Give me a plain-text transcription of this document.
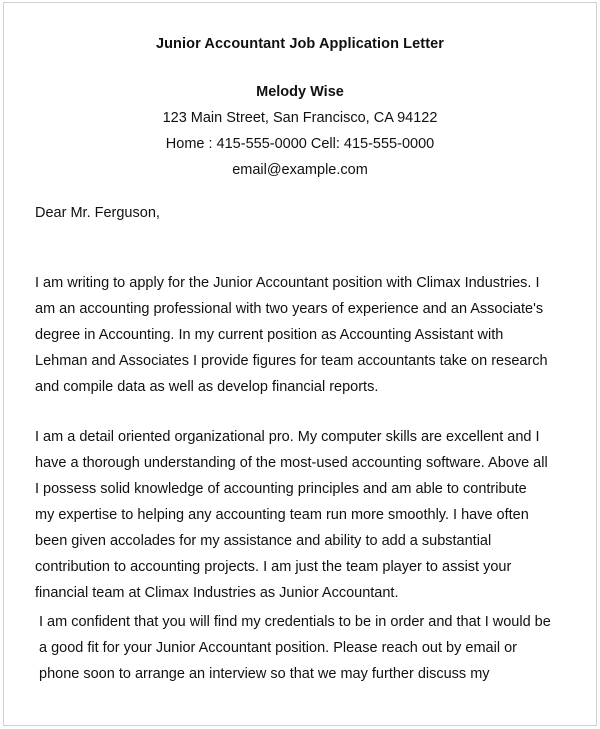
Junior Accountant Job Application Letter
Melody Wise
123 Main Street, San Francisco, CA 94122
Home : 415-555-0000 Cell: 415-555-0000
email@example.com
Dear Mr. Ferguson,

I am writing to apply for the Junior Accountant position with Climax Industries. I
am an accounting professional with two years of experience and an Associate's
degree in Accounting. In my current position as Accounting Assistant with
Lehman and Associates I provide figures for team accountants take on research
and compile data as well as develop financial reports.

I am a detail oriented organizational pro. My computer skills are excellent and I
have a thorough understanding of the most-used accounting software. Above all
I possess solid knowledge of accounting principles and am able to contribute
my expertise to helping any accounting team run more smoothly. I have often
been given accolades for my assistance and ability to add a substantial
contribution to accounting projects. I am just the team player to assist your
financial team at Climax Industries as Junior Accountant.

I am confident that you will find my credentials to be in order and that I would be
a good fit for your Junior Accountant position. Please reach out by email or
phone soon to arrange an interview so that we may further discuss my
